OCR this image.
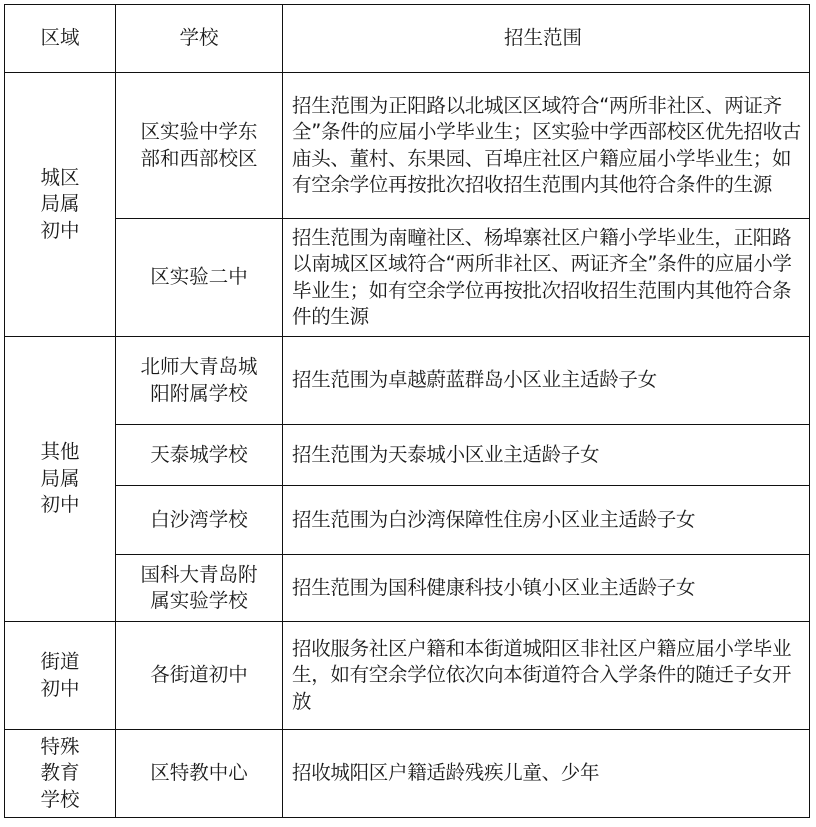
区域	学校	招生范围
城区局属初中	区实验中学东部和西部校区	招生范围为正阳路以北城区区域符合“两所非社区、两证齐全”条件的应届小学毕业生；区实验中学西部校区优先招收古庙头、董村、东果园、百埠庄社区户籍应届小学毕业生；如有空余学位再按批次招收招生范围内其他符合条件的生源

	区实验二中	招生范围为南疃社区、杨埠寨社区户籍小学毕业生，正阳路以南城区区域符合“两所非社区、两证齐全”条件的应届小学毕业生；如有空余学位再按批次招收招生范围内其他符合条件的生源

其他局属初中	北师大青岛城阳附属学校	招生范围为卓越蔚蓝群岛小区业主适龄子女

	天泰城学校	招生范围为天泰城小区业主适龄子女

	白沙湾学校	招生范围为白沙湾保障性住房小区业主适龄子女

	国科大青岛附属实验学校	招生范围为国科健康科技小镇小区业主适龄子女

街道初中	各街道初中	招收服务社区户籍和本街道城阳区非社区户籍应届小学毕业生，如有空余学位依次向本街道符合入学条件的随迁子女开放

特殊教育学校	区特教中心	招收城阳区户籍适龄残疾儿童、少年
